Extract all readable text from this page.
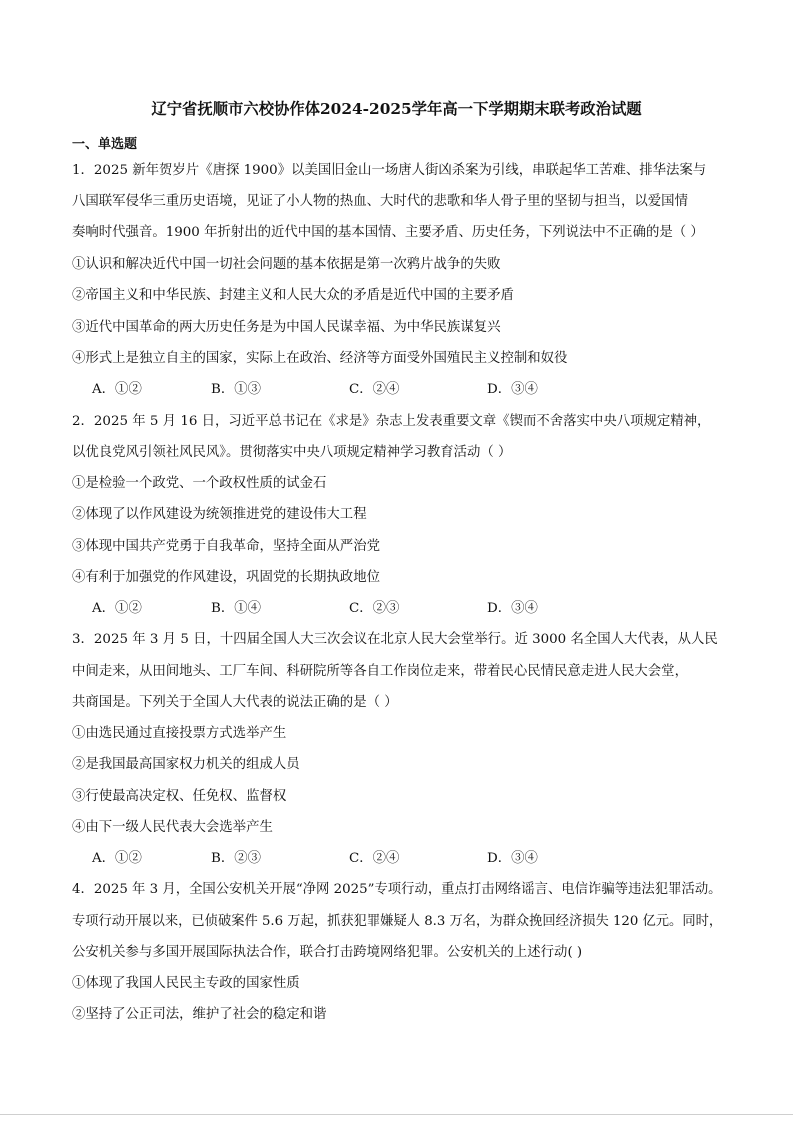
辽宁省抚顺市六校协作体2024-2025学年高一下学期期末联考政治试题
一、单选题
1．2025 新年贺岁片《唐探 1900》以美国旧金山一场唐人街凶杀案为引线，串联起华工苦难、排华法案与
八国联军侵华三重历史语境，见证了小人物的热血、大时代的悲歌和华人骨子里的坚韧与担当，以爱国情
奏响时代强音。1900 年折射出的近代中国的基本国情、主要矛盾、历史任务，下列说法中不正确的是（ ）
①认识和解决近代中国一切社会问题的基本依据是第一次鸦片战争的失败
②帝国主义和中华民族、封建主义和人民大众的矛盾是近代中国的主要矛盾
③近代中国革命的两大历史任务是为中国人民谋幸福、为中华民族谋复兴
④形式上是独立自主的国家，实际上在政治、经济等方面受外国殖民主义控制和奴役
A．①②	B．①③	C．②④	D．③④
2．2025 年 5 月 16 日，习近平总书记在《求是》杂志上发表重要文章《锲而不舍落实中央八项规定精神，
以优良党风引领社风民风》。贯彻落实中央八项规定精神学习教育活动（ ）
①是检验一个政党、一个政权性质的试金石
②体现了以作风建设为统领推进党的建设伟大工程
③体现中国共产党勇于自我革命，坚持全面从严治党
④有利于加强党的作风建设，巩固党的长期执政地位
A．①②	B．①④	C．②③	D．③④
3．2025 年 3 月 5 日，十四届全国人大三次会议在北京人民大会堂举行。近 3000 名全国人大代表，从人民
中间走来，从田间地头、工厂车间、科研院所等各自工作岗位走来，带着民心民情民意走进人民大会堂，
共商国是。下列关于全国人大代表的说法正确的是（ ）
①由选民通过直接投票方式选举产生
②是我国最高国家权力机关的组成人员
③行使最高决定权、任免权、监督权
④由下一级人民代表大会选举产生
A．①②	B．②③	C．②④	D．③④
4．2025 年 3 月，全国公安机关开展“净网 2025”专项行动，重点打击网络谣言、电信诈骗等违法犯罪活动。
专项行动开展以来，已侦破案件 5.6 万起，抓获犯罪嫌疑人 8.3 万名，为群众挽回经济损失 120 亿元。同时，
公安机关参与多国开展国际执法合作，联合打击跨境网络犯罪。公安机关的上述行动( )
①体现了我国人民民主专政的国家性质
②坚持了公正司法，维护了社会的稳定和谐
